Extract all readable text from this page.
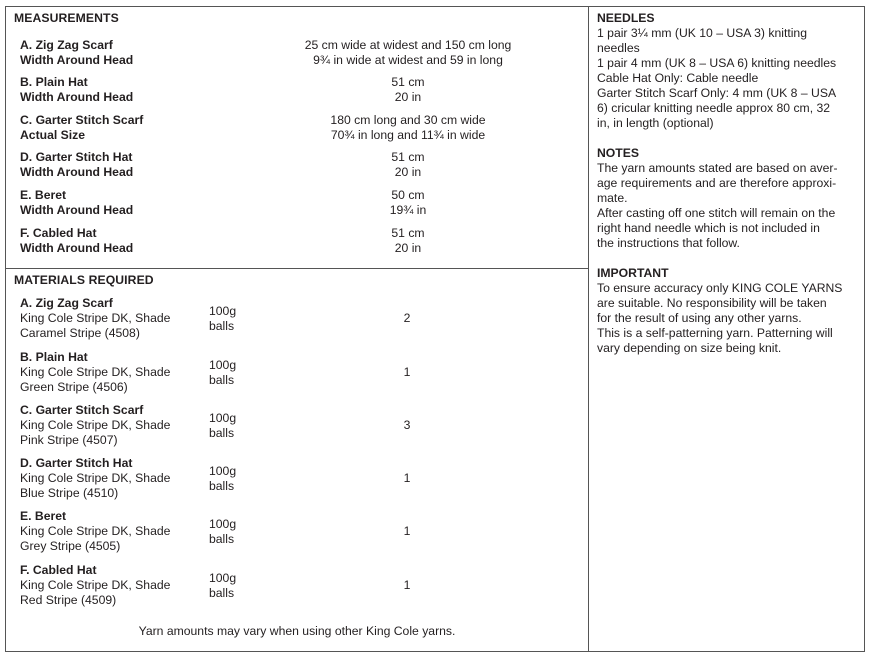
MEASUREMENTS
A. Zig Zag Scarf
Width Around Head
25 cm wide at widest and 150 cm long
9¾ in wide at widest and 59 in long
B. Plain Hat
Width Around Head
51 cm
20 in
C. Garter Stitch Scarf
Actual Size
180 cm long and 30 cm wide
70¾ in long and 11¾ in wide
D. Garter Stitch Hat
Width Around Head
51 cm
20 in
E. Beret
Width Around Head
50 cm
19¾ in
F. Cabled Hat
Width Around Head
51 cm
20 in
MATERIALS REQUIRED
A. Zig Zag Scarf
King Cole Stripe DK, Shade
Caramel Stripe (4508)
100g
balls
2
B. Plain Hat
King Cole Stripe DK, Shade
Green Stripe (4506)
100g
balls
1
C. Garter Stitch Scarf
King Cole Stripe DK, Shade
Pink Stripe (4507)
100g
balls
3
D. Garter Stitch Hat
King Cole Stripe DK, Shade
Blue Stripe (4510)
100g
balls
1
E. Beret
King Cole Stripe DK, Shade
Grey Stripe (4505)
100g
balls
1
F. Cabled Hat
King Cole Stripe DK, Shade
Red Stripe (4509)
100g
balls
1
Yarn amounts may vary when using other King Cole yarns.

NEEDLES

1 pair 3¼ mm (UK 10 – USA 3) knitting

needles

1 pair 4 mm (UK 8 – USA 6) knitting needles

Cable Hat Only: Cable needle

Garter Stitch Scarf Only: 4 mm (UK 8 – USA

6) cricular knitting needle approx 80 cm, 32

in, in length (optional)

NOTES

The yarn amounts stated are based on aver-

age requirements and are therefore approxi-

mate.

After casting off one stitch will remain on the

right hand needle which is not included in

the instructions that follow.

IMPORTANT

To ensure accuracy only KING COLE YARNS

are suitable. No responsibility will be taken

for the result of using any other yarns.

This is a self-patterning yarn. Patterning will

vary depending on size being knit.
